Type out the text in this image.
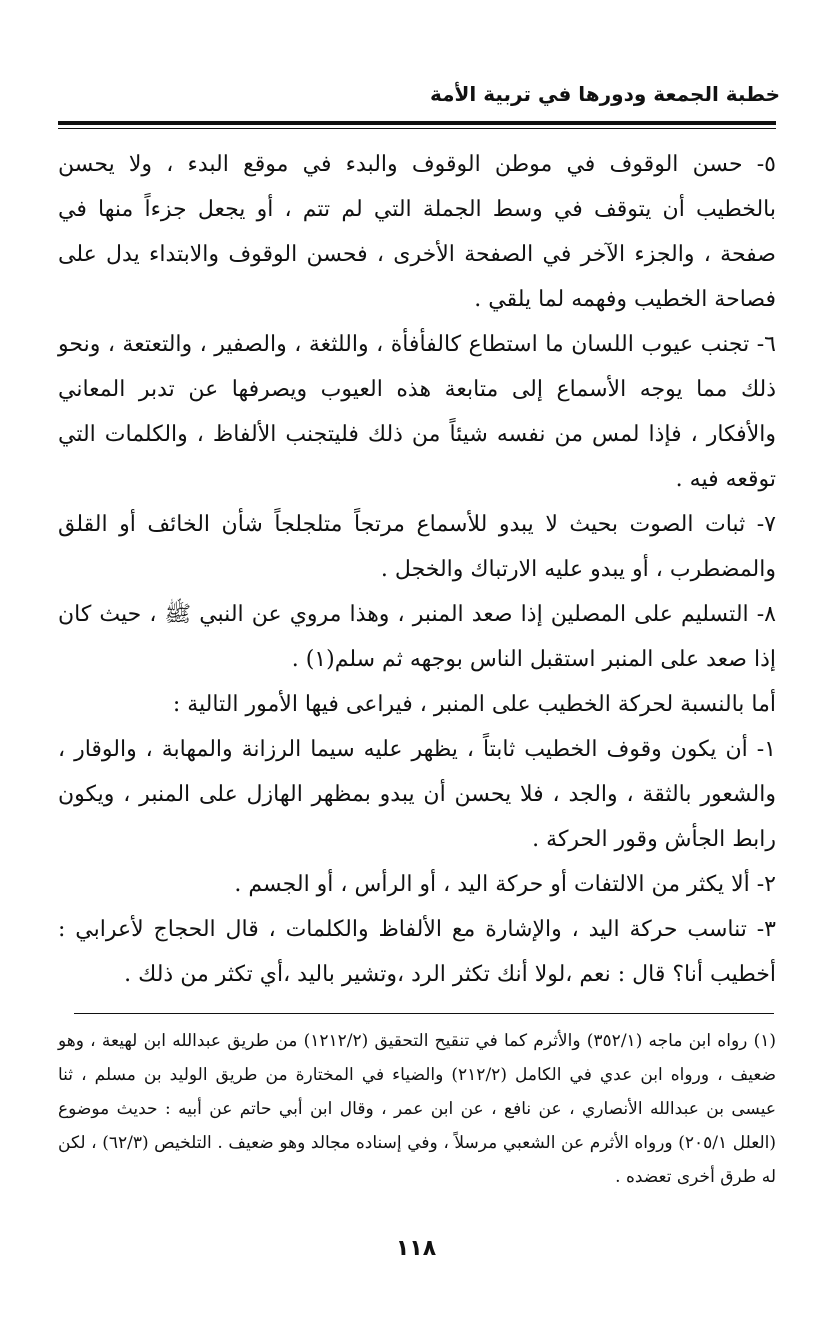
خطبة الجمعة ودورها في تربية الأمة

٥- حسن الوقوف في موطن الوقوف والبدء في موقع البدء ، ولا يحسن بالخطيب أن يتوقف في وسط الجملة التي لم تتم ، أو يجعل جزءاً منها في صفحة ، والجزء الآخر في الصفحة الأخرى ، فحسن الوقوف والابتداء يدل على فصاحة الخطيب وفهمه لما يلقي .

٦- تجنب عيوب اللسان ما استطاع كالفأفأة ، واللثغة ، والصفير ، والتعتعة ، ونحو ذلك مما يوجه الأسماع إلى متابعة هذه العيوب ويصرفها عن تدبر المعاني والأفكار ، فإذا لمس من نفسه شيئاً من ذلك فليتجنب الألفاظ ، والكلمات التي توقعه فيه .

٧- ثبات الصوت بحيث لا يبدو للأسماع مرتجاً متلجلجاً شأن الخائف أو القلق والمضطرب ، أو يبدو عليه الارتباك والخجل .

٨- التسليم على المصلين إذا صعد المنبر ، وهذا مروي عن النبي ﷺ ، حيث كان إذا صعد على المنبر استقبل الناس بوجهه ثم سلم(١) .

أما بالنسبة لحركة الخطيب على المنبر ، فيراعى فيها الأمور التالية :

١- أن يكون وقوف الخطيب ثابتاً ، يظهر عليه سيما الرزانة والمهابة ، والوقار ، والشعور بالثقة ، والجد ، فلا يحسن أن يبدو بمظهر الهازل على المنبر ، ويكون رابط الجأش وقور الحركة .

٢- ألا يكثر من الالتفات أو حركة اليد ، أو الرأس ، أو الجسم .

٣- تناسب حركة اليد ، والإشارة مع الألفاظ والكلمات ، قال الحجاج لأعرابي : أخطيب أنا؟ قال : نعم ،لولا أنك تكثر الرد ،وتشير باليد ،أي تكثر من ذلك .

(١) رواه ابن ماجه (٣٥٢/١) والأثرم كما في تنقيح التحقيق (١٢١٢/٢) من طريق عبدالله ابن لهيعة ، وهو ضعيف ، ورواه ابن عدي في الكامل (٢١٢/٢) والضياء في المختارة من طريق الوليد بن مسلم ، ثنا عيسى بن عبدالله الأنصاري ، عن نافع ، عن ابن عمر ، وقال ابن أبي حاتم عن أبيه : حديث موضوع (العلل ٢٠٥/١) ورواه الأثرم عن الشعبي مرسلاً ، وفي إسناده مجالد وهو ضعيف . التلخيص (٦٢/٣) ، لكن له طرق أخرى تعضده .

١١٨
